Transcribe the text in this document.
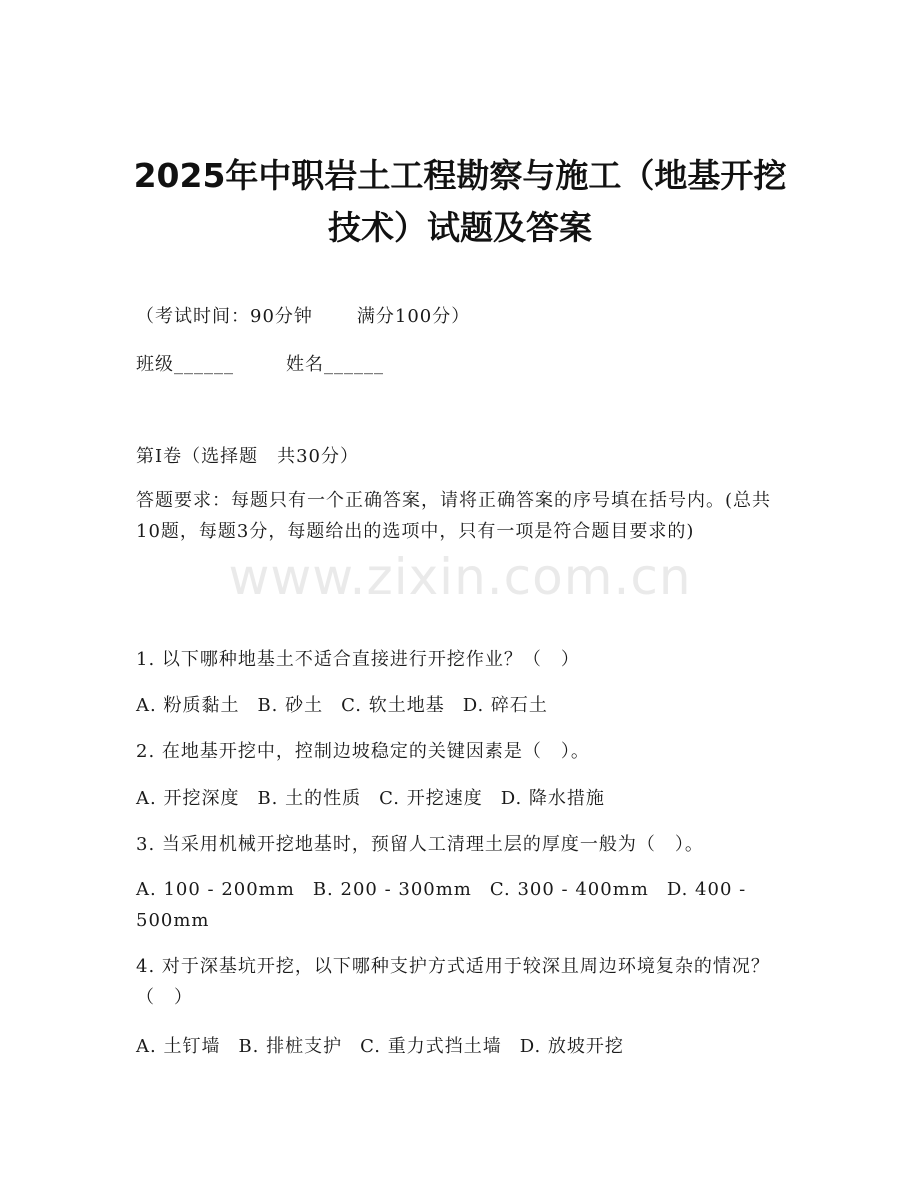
2025年中职岩土工程勘察与施工（地基开挖
技术）试题及答案
（考试时间：90分钟 满分100分）
班级______	姓名______
第I卷（选择题　共30分）
答题要求：每题只有一个正确答案，请将正确答案的序号填在括号内。(总共10题，每题3分，每题给出的选项中，只有一项是符合题目要求的)
www.zixin.com.cn
1. 以下哪种地基土不适合直接进行开挖作业？（　）
A. 粉质黏土 B. 砂土 C. 软土地基 D. 碎石土
2. 在地基开挖中，控制边坡稳定的关键因素是（　）。
A. 开挖深度 B. 土的性质 C. 开挖速度 D. 降水措施
3. 当采用机械开挖地基时，预留人工清理土层的厚度一般为（　）。
A. 100 - 200mm B. 200 - 300mm C. 300 - 400mm D. 400 - 500mm
4. 对于深基坑开挖，以下哪种支护方式适用于较深且周边环境复杂的情况？（　）
A. 土钉墙 B. 排桩支护 C. 重力式挡土墙 D. 放坡开挖
